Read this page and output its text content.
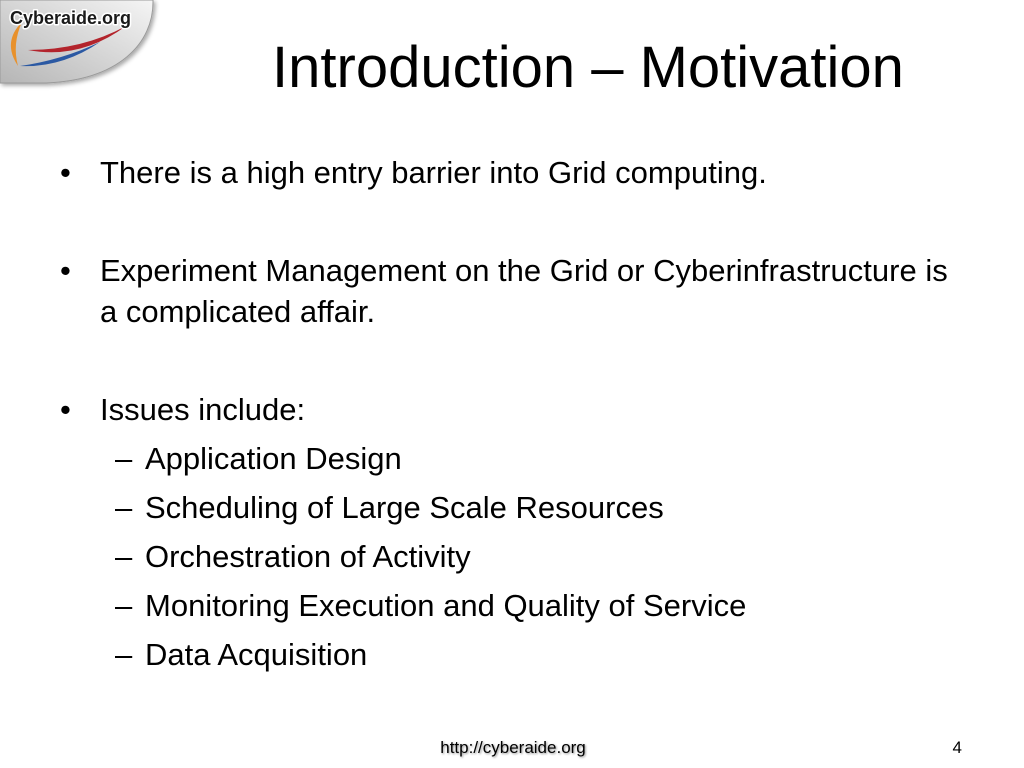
Cyberaide.org
Introduction – Motivation
• There is a high entry barrier into Grid computing.
• Experiment Management on the Grid or Cyberinfrastructure is
a complicated affair.
• Issues include:
– Application Design
– Scheduling of Large Scale Resources
– Orchestration of Activity
– Monitoring Execution and Quality of Service
– Data Acquisition
http://cyberaide.org	4
